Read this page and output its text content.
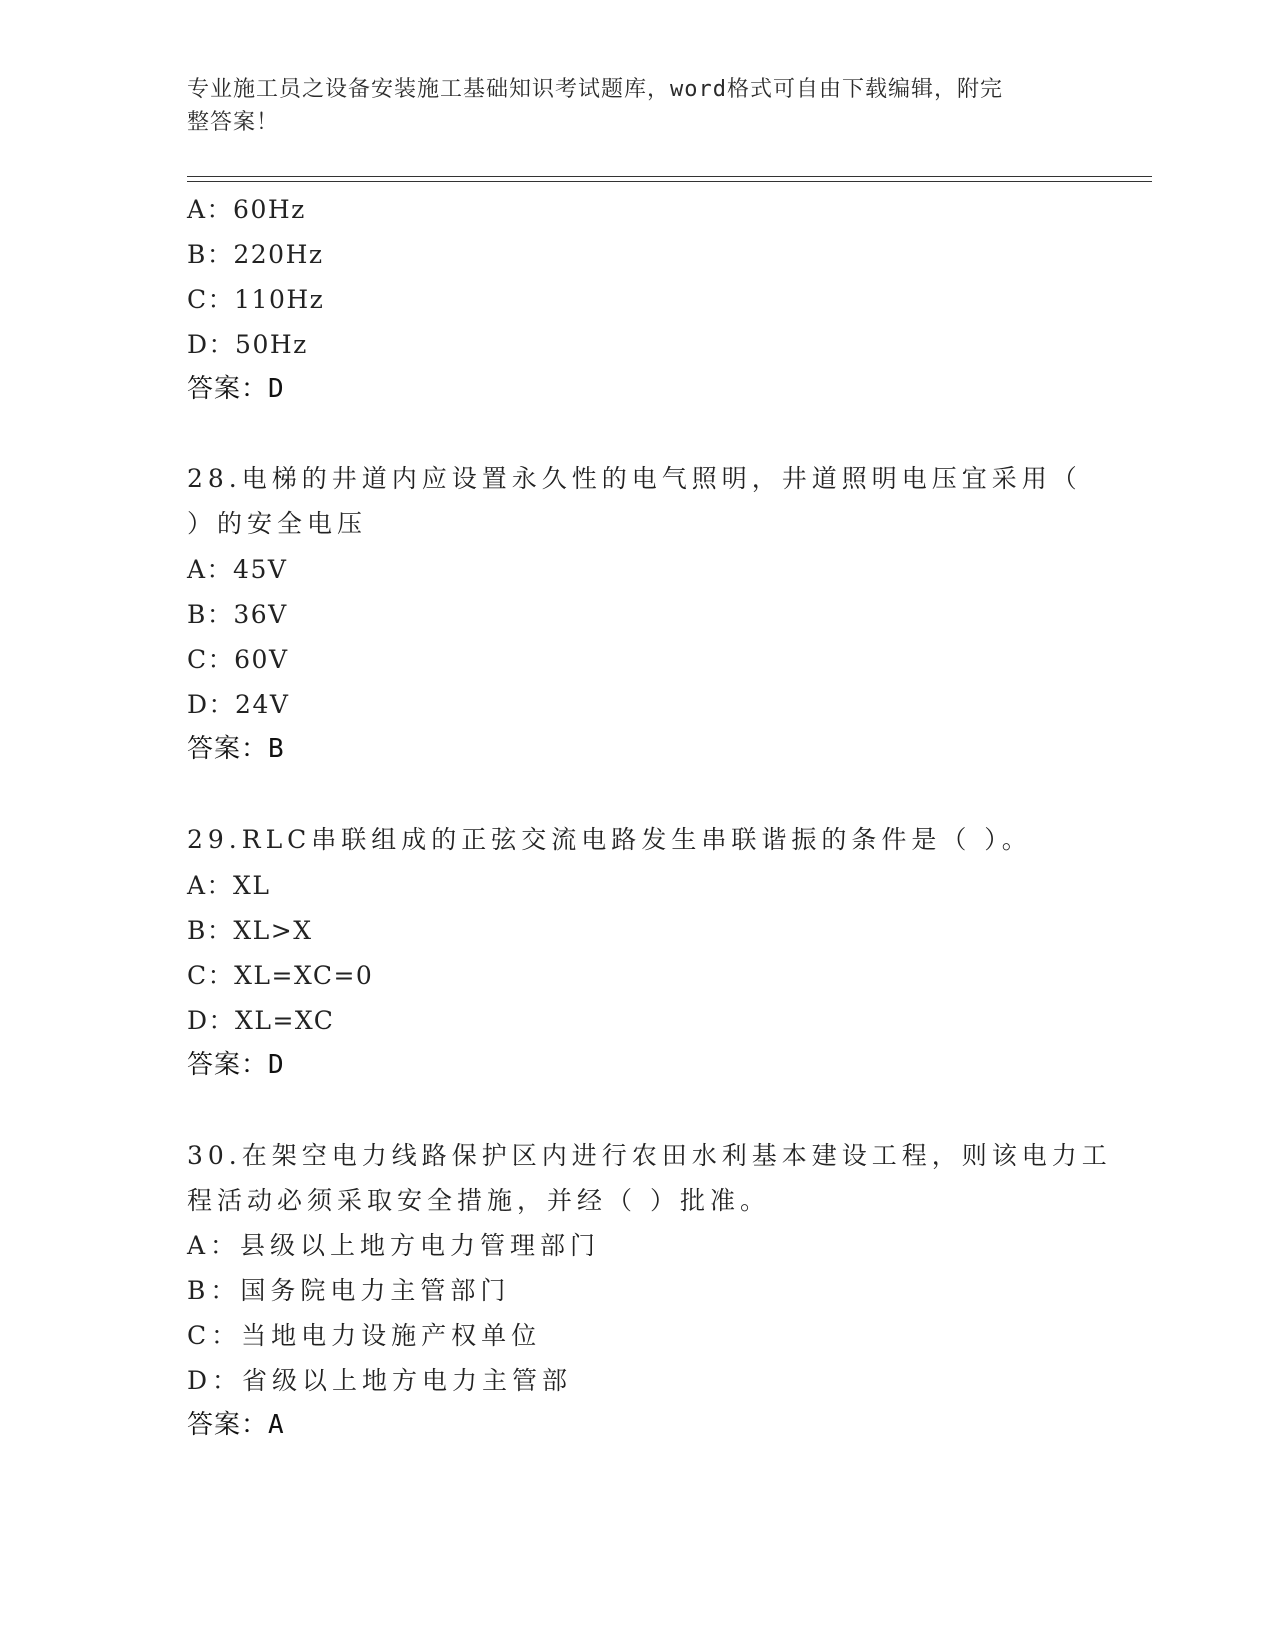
专业施工员之设备安装施工基础知识考试题库，word格式可自由下载编辑，附完
整答案！
A：60Hz
B：220Hz
C：110Hz
D：50Hz
答案：D
28.电梯的井道内应设置永久性的电气照明，井道照明电压宜采用（
）的安全电压
A：45V
B：36V
C：60V
D：24V
答案：B
29.RLC串联组成的正弦交流电路发生串联谐振的条件是（ ）。
A：XL
B：XL>X
C：XL=XC=0
D：XL=XC
答案：D
30.在架空电力线路保护区内进行农田水利基本建设工程，则该电力工
程活动必须采取安全措施，并经（ ）批准。
A：县级以上地方电力管理部门
B：国务院电力主管部门
C：当地电力设施产权单位
D：省级以上地方电力主管部
答案：A
